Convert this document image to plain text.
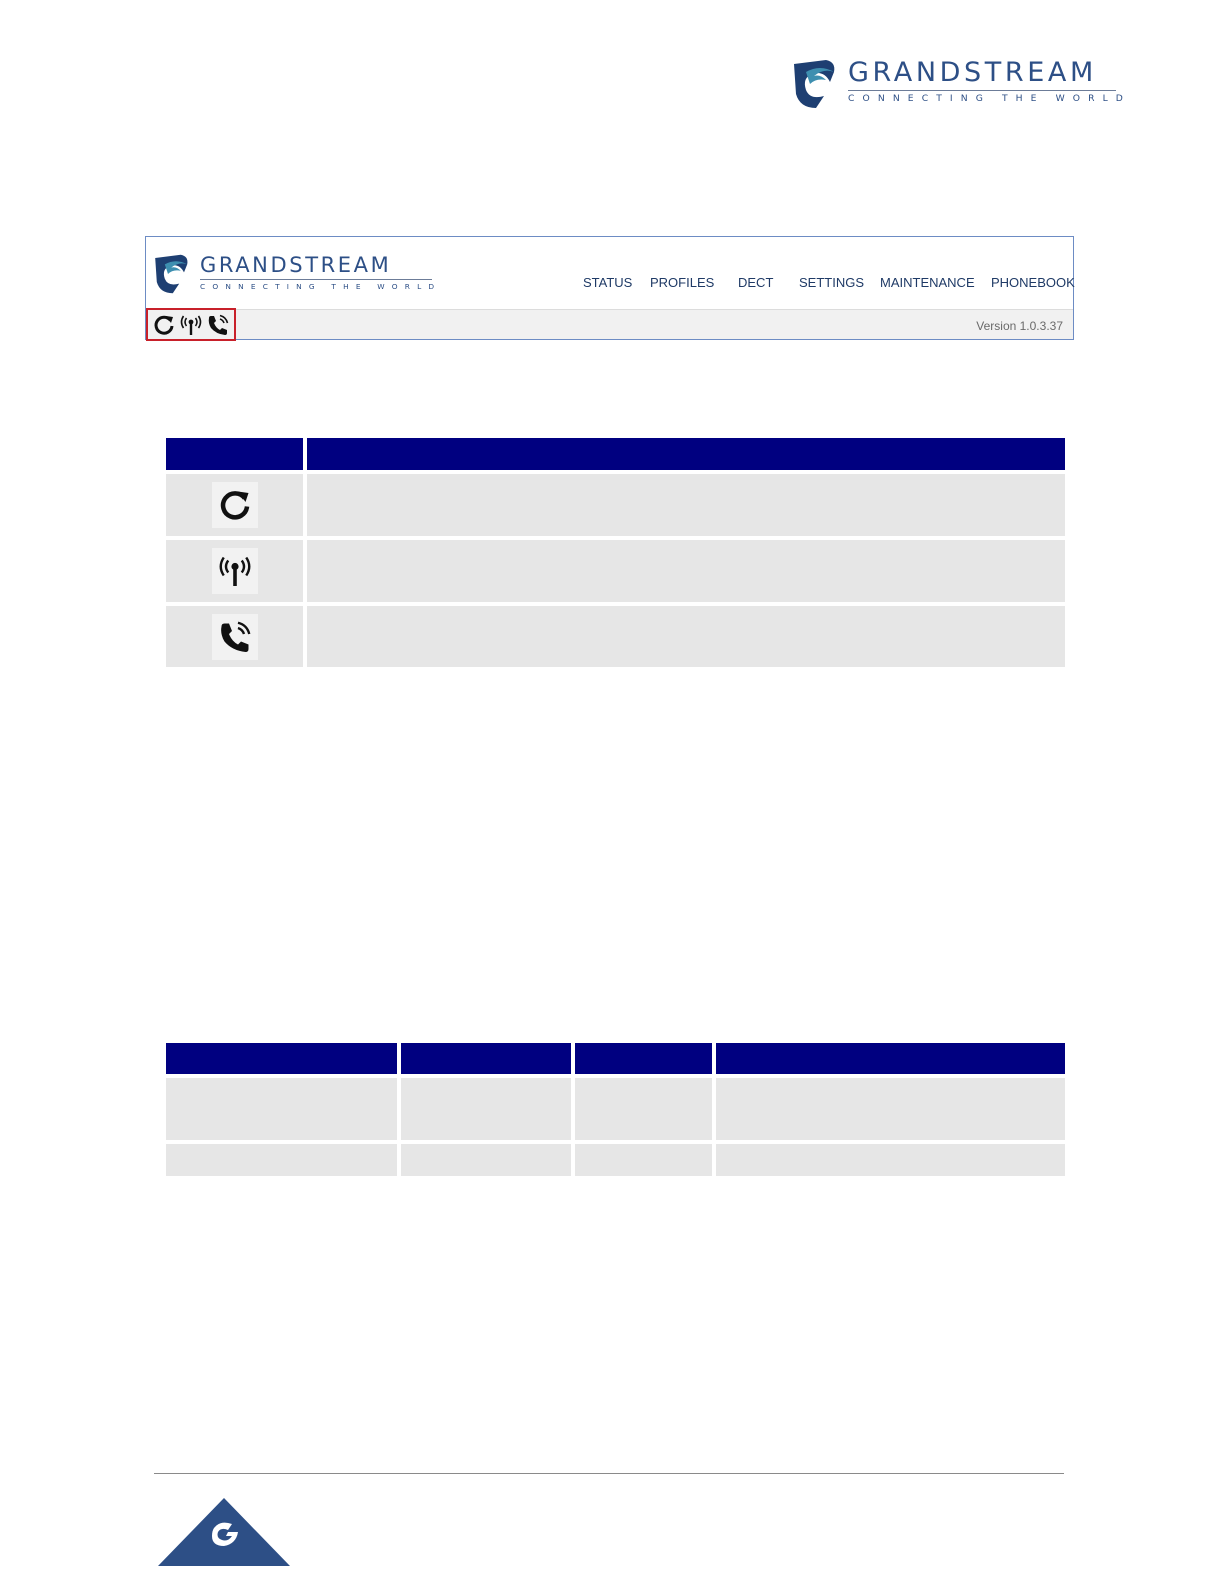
GRANDSTREAM
CONNECTING THE WORLD
GRANDSTREAM
CONNECTING THE WORLD	STATUS PROFILES DECT SETTINGS MAINTENANCE PHONEBOOK
Version 1.0.3.37
